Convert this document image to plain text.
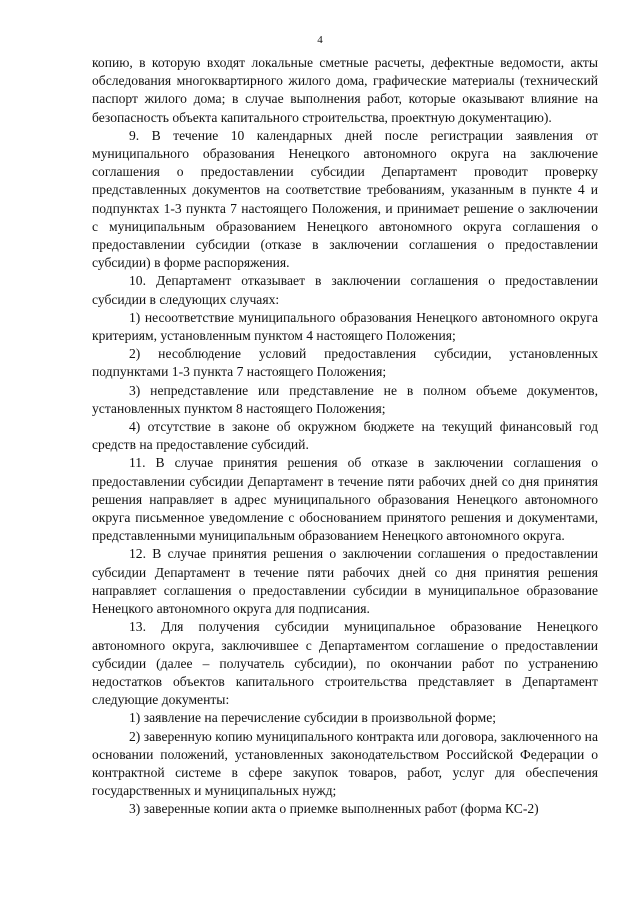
4

копию, в которую входят локальные сметные расчеты, дефектные ведомости, акты обследования многоквартирного жилого дома, графические материалы (технический паспорт жилого дома; в случае выполнения работ, которые оказывают влияние на безопасность объекта капитального строительства, проектную документацию).

9. В течение 10 календарных дней после регистрации заявления от муниципального образования Ненецкого автономного округа на заключение соглашения о предоставлении субсидии Департамент проводит проверку представленных документов на соответствие требованиям, указанным в пункте 4 и подпунктах 1-3 пункта 7 настоящего Положения, и принимает решение о заключении с муниципальным образованием Ненецкого автономного округа соглашения о предоставлении субсидии (отказе в заключении соглашения о предоставлении субсидии) в форме распоряжения.

10. Департамент отказывает в заключении соглашения о предоставлении субсидии в следующих случаях:

1) несоответствие муниципального образования Ненецкого автономного округа критериям, установленным пунктом 4 настоящего Положения;

2) несоблюдение условий предоставления субсидии, установленных подпунктами 1-3 пункта 7 настоящего Положения;

3) непредставление или представление не в полном объеме документов, установленных пунктом 8 настоящего Положения;

4) отсутствие в законе об окружном бюджете на текущий финансовый год средств на предоставление субсидий.

11. В случае принятия решения об отказе в заключении соглашения о предоставлении субсидии Департамент в течение пяти рабочих дней со дня принятия решения направляет в адрес муниципального образования Ненецкого автономного округа письменное уведомление с обоснованием принятого решения и документами, представленными муниципальным образованием Ненецкого автономного округа.

12. В случае принятия решения о заключении соглашения о предоставлении субсидии Департамент в течение пяти рабочих дней со дня принятия решения направляет соглашения о предоставлении субсидии в муниципальное образование Ненецкого автономного округа для подписания.

13. Для получения субсидии муниципальное образование Ненецкого автономного округа, заключившее с Департаментом соглашение о предоставлении субсидии (далее – получатель субсидии), по окончании работ по устранению недостатков объектов капитального строительства представляет в Департамент следующие документы:

1) заявление на перечисление субсидии в произвольной форме;

2) заверенную копию муниципального контракта или договора, заключенного на основании положений, установленных законодательством Российской Федерации о контрактной системе в сфере закупок товаров, работ, услуг для обеспечения государственных и муниципальных нужд;

3) заверенные копии акта о приемке выполненных работ (форма КС-2)
